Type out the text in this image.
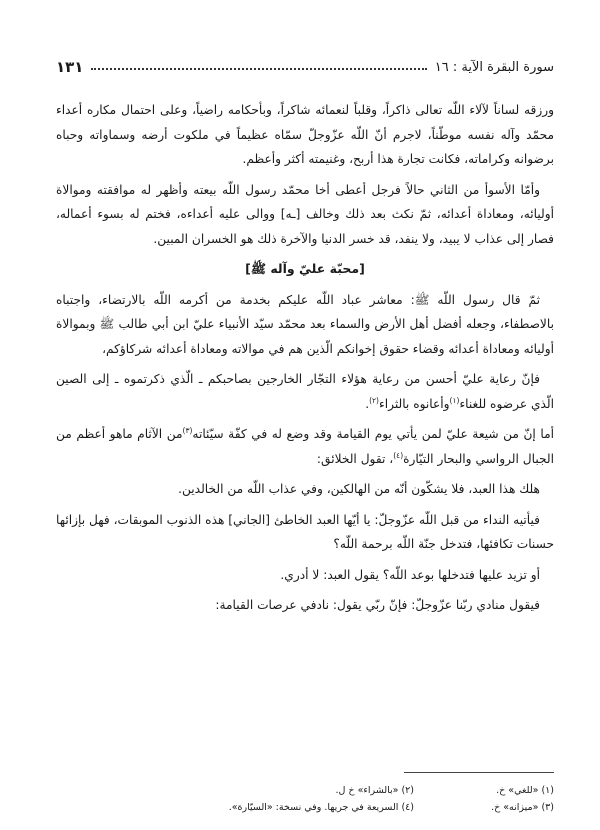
سورة البقرة الآية : ١٦
١٣١

ورزقه لساناً لآلاء اللّه تعالى ذاكراً، وقلباً لنعمائه شاكراً، وبأحكامه راضياً، وعلى احتمال مكاره أعداء محمّد وآله نفسه موطّناً، لاجرم أنّ اللّه عزّوجلّ سمّاه عظيماً في ملكوت أرضه وسماواته وحباه برضوانه وكراماته، فكانت تجارة هذا أربح، وغنيمته أكثر وأعظم.

وأمّا الأسوأ من الثاني حالاً فرجل أعطى أخا محمّد رسول اللّه بيعته وأظهر له موافقته وموالاة أوليائه، ومعاداة أعدائه، ثمّ نكث بعد ذلك وخالف [ـه] ووالى عليه أعداءه، فختم له بسوء أعماله، فصار إلى عذاب لا يبيد، ولا ينفد، قد خسر الدنيا والآخرة ذلك هو الخسران المبين.

[محبّة عليّ وآله ﷺ]

ثمّ قال رسول اللّه ﷺ: معاشر عباد اللّه عليكم بخدمة من أكرمه اللّه بالارتضاء، واجتباه بالاصطفاء، وجعله أفضل أهل الأرض والسماء بعد محمّد سيّد الأنبياء عليّ ابن أبي طالب ﷺ وبموالاة أوليائه ومعاداة أعدائه وقضاء حقوق إخوانكم الّذين هم في موالاته ومعاداة أعدائه شركاؤكم،

فإنّ رعاية عليّ أحسن من رعاية هؤلاء التجّار الخارجين بصاحبكم ـ الّذي ذكرتموه ـ إلى الصين الّذي عرضوه للغناء$^{(١)}$وأعانوه بالثراء$^{(٢)}$.

أما إنّ من شيعة عليّ لمن يأتي يوم القيامة وقد وضع له في كفّة سيّئاته$^{(٣)}$من الآثام ماهو أعظم من الجبال الرواسي والبحار التيّارة$^{(٤)}$، تقول الخلائق:

هلك هذا العبد، فلا يشكّون أنّه من الهالكين، وفي عذاب اللّه من الخالدين.

فيأتيه النداء من قبل اللّه عزّوجلّ: يا أيّها العبد الخاطئ [الجاني] هذه الذنوب الموبقات، فهل بإزائها حسنات تكافئها، فتدخل جنّة اللّه برحمة اللّه؟

أو تزيد عليها فتدخلها بوعد اللّه؟ يقول العبد: لا أدري.

فيقول منادي ربّنا عزّوجلّ: فإنّ ربّي يقول: نادفي عرصات القيامة:

(١) «للغي» خ.
(٢) «بالشراء» خ ل.
(٣) «ميزانه» خ.
(٤) السريعة في جريها. وفي نسخة: «السيّارة».
